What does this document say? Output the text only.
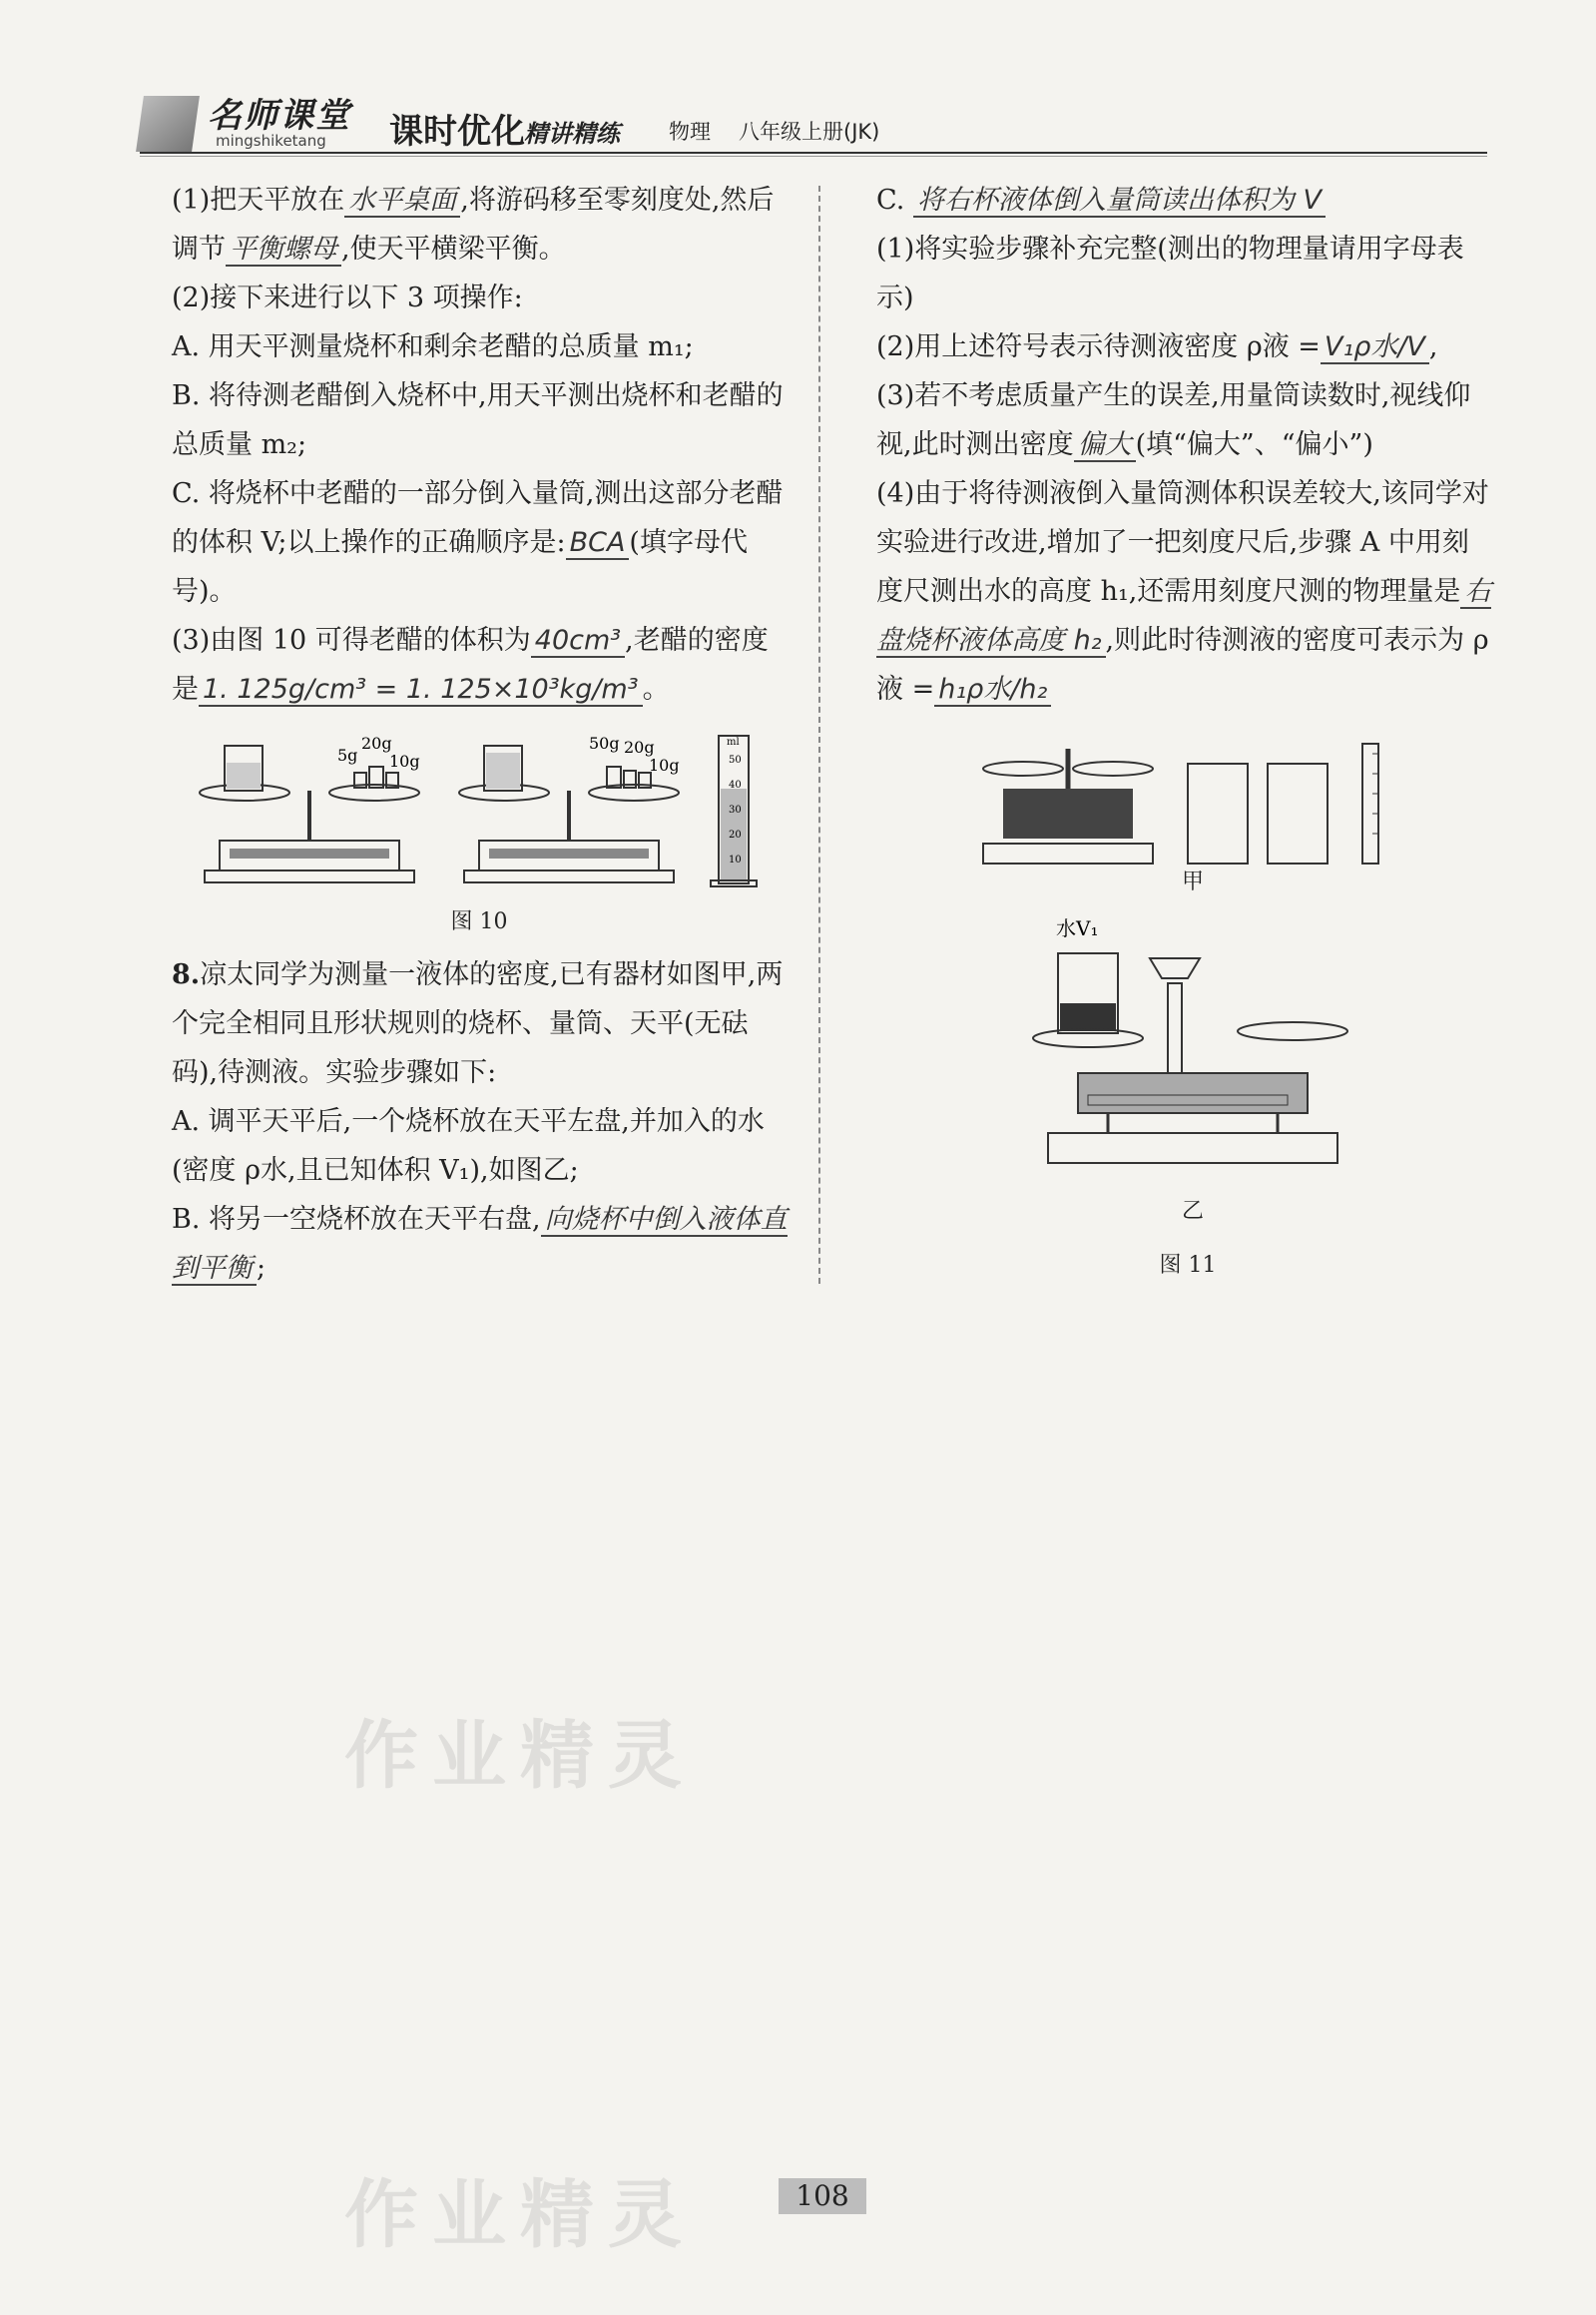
名师课堂
mingshiketang 课时优化 精讲精练 物理 八年级上册(JK)

(1)把天平放在 水平桌面 ,将游码移至零刻度处,然后调节 平衡螺母 ,使天平横梁平衡。

(2)接下来进行以下 3 项操作:

A. 用天平测量烧杯和剩余老醋的总质量 m₁;

B. 将待测老醋倒入烧杯中,用天平测出烧杯和老醋的总质量 m₂;

C. 将烧杯中老醋的一部分倒入量筒,测出这部分老醋的体积 V;以上操作的正确顺序是: BCA (填字母代号)。

(3)由图 10 可得老醋的体积为 40cm³ ,老醋的密度是 1. 125g/cm³ = 1. 125×10³kg/m³ 。

5g
20g
10g
50g 20g
10g
ml
50
40
30
20
10
图 10

8.凉太同学为测量一液体的密度,已有器材如图甲,两个完全相同且形状规则的烧杯、量筒、天平(无砝码),待测液。实验步骤如下:

A. 调平天平后,一个烧杯放在天平左盘,并加入的水(密度 ρ水,且已知体积 V₁),如图乙;

B. 将另一空烧杯放在天平右盘, 向烧杯中倒入液体直到平衡 ;

C. 将右杯液体倒入量筒读出体积为 V

(1)将实验步骤补充完整(测出的物理量请用字母表示)

(2)用上述符号表示待测液密度 ρ液 = V₁ρ水/V ,

(3)若不考虑质量产生的误差,用量筒读数时,视线仰视,此时测出密度 偏大 (填“偏大”、“偏小”)

(4)由于将待测液倒入量筒测体积误差较大,该同学对实验进行改进,增加了一把刻度尺后,步骤 A 中用刻度尺测出水的高度 h₁,还需用刻度尺测的物理量是 右盘烧杯液体高度 h₂ ,则此时待测液的密度可表示为 ρ液 = h₁ρ水/h₂

甲
水V₁
乙
图 11
作业精灵
作业精灵	108
